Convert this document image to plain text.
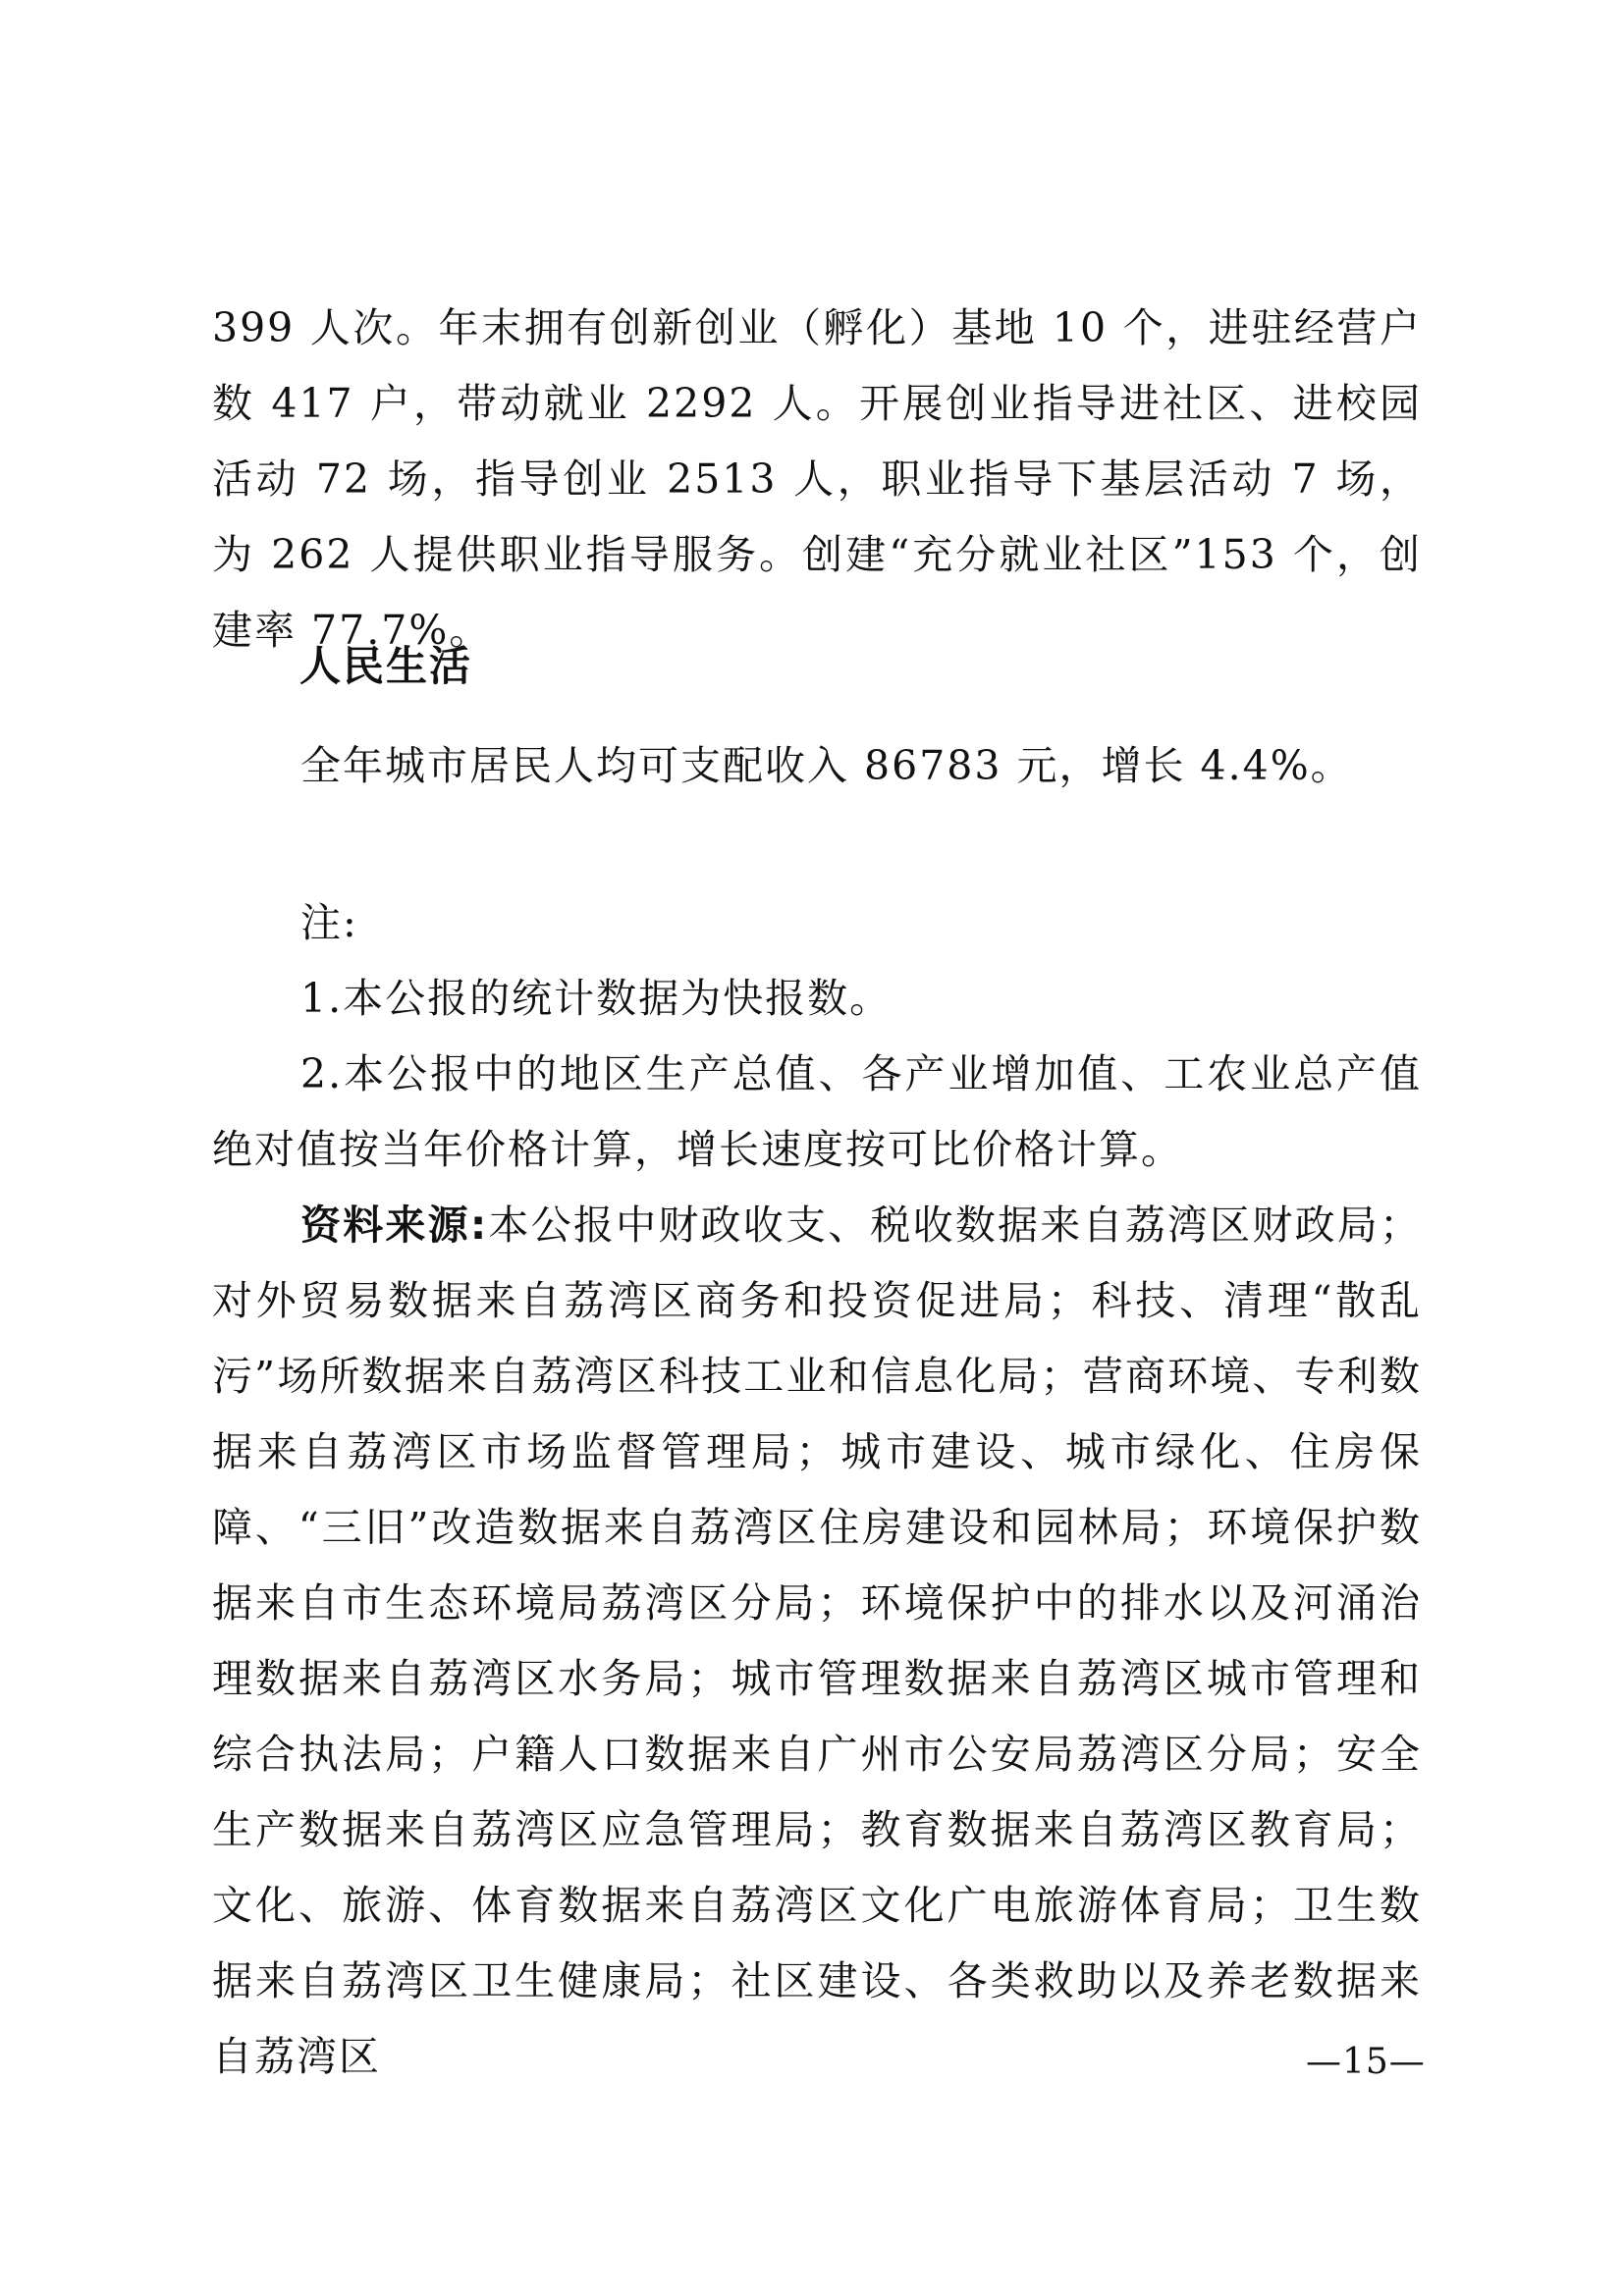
399 人次。年末拥有创新创业（孵化）基地 10 个，进驻经营户数 417 户，带动就业 2292 人。开展创业指导进社区、进校园活动 72 场，指导创业 2513 人，职业指导下基层活动 7 场，为 262 人提供职业指导服务。创建“充分就业社区”153 个，创建率 77.7%。

人民生活

全年城市居民人均可支配收入 86783 元，增长 4.4%。

注:

1.本公报的统计数据为快报数。

2.本公报中的地区生产总值、各产业增加值、工农业总产值绝对值按当年价格计算，增长速度按可比价格计算。

资料来源:本公报中财政收支、税收数据来自荔湾区财政局；对外贸易数据来自荔湾区商务和投资促进局；科技、清理“散乱污”场所数据来自荔湾区科技工业和信息化局；营商环境、专利数据来自荔湾区市场监督管理局；城市建设、城市绿化、住房保障、“三旧”改造数据来自荔湾区住房建设和园林局；环境保护数据来自市生态环境局荔湾区分局；环境保护中的排水以及河涌治理数据来自荔湾区水务局；城市管理数据来自荔湾区城市管理和综合执法局；户籍人口数据来自广州市公安局荔湾区分局；安全生产数据来自荔湾区应急管理局；教育数据来自荔湾区教育局；文化、旅游、体育数据来自荔湾区文化广电旅游体育局；卫生数据来自荔湾区卫生健康局；社区建设、各类救助以及养老数据来自荔湾区	—15—
